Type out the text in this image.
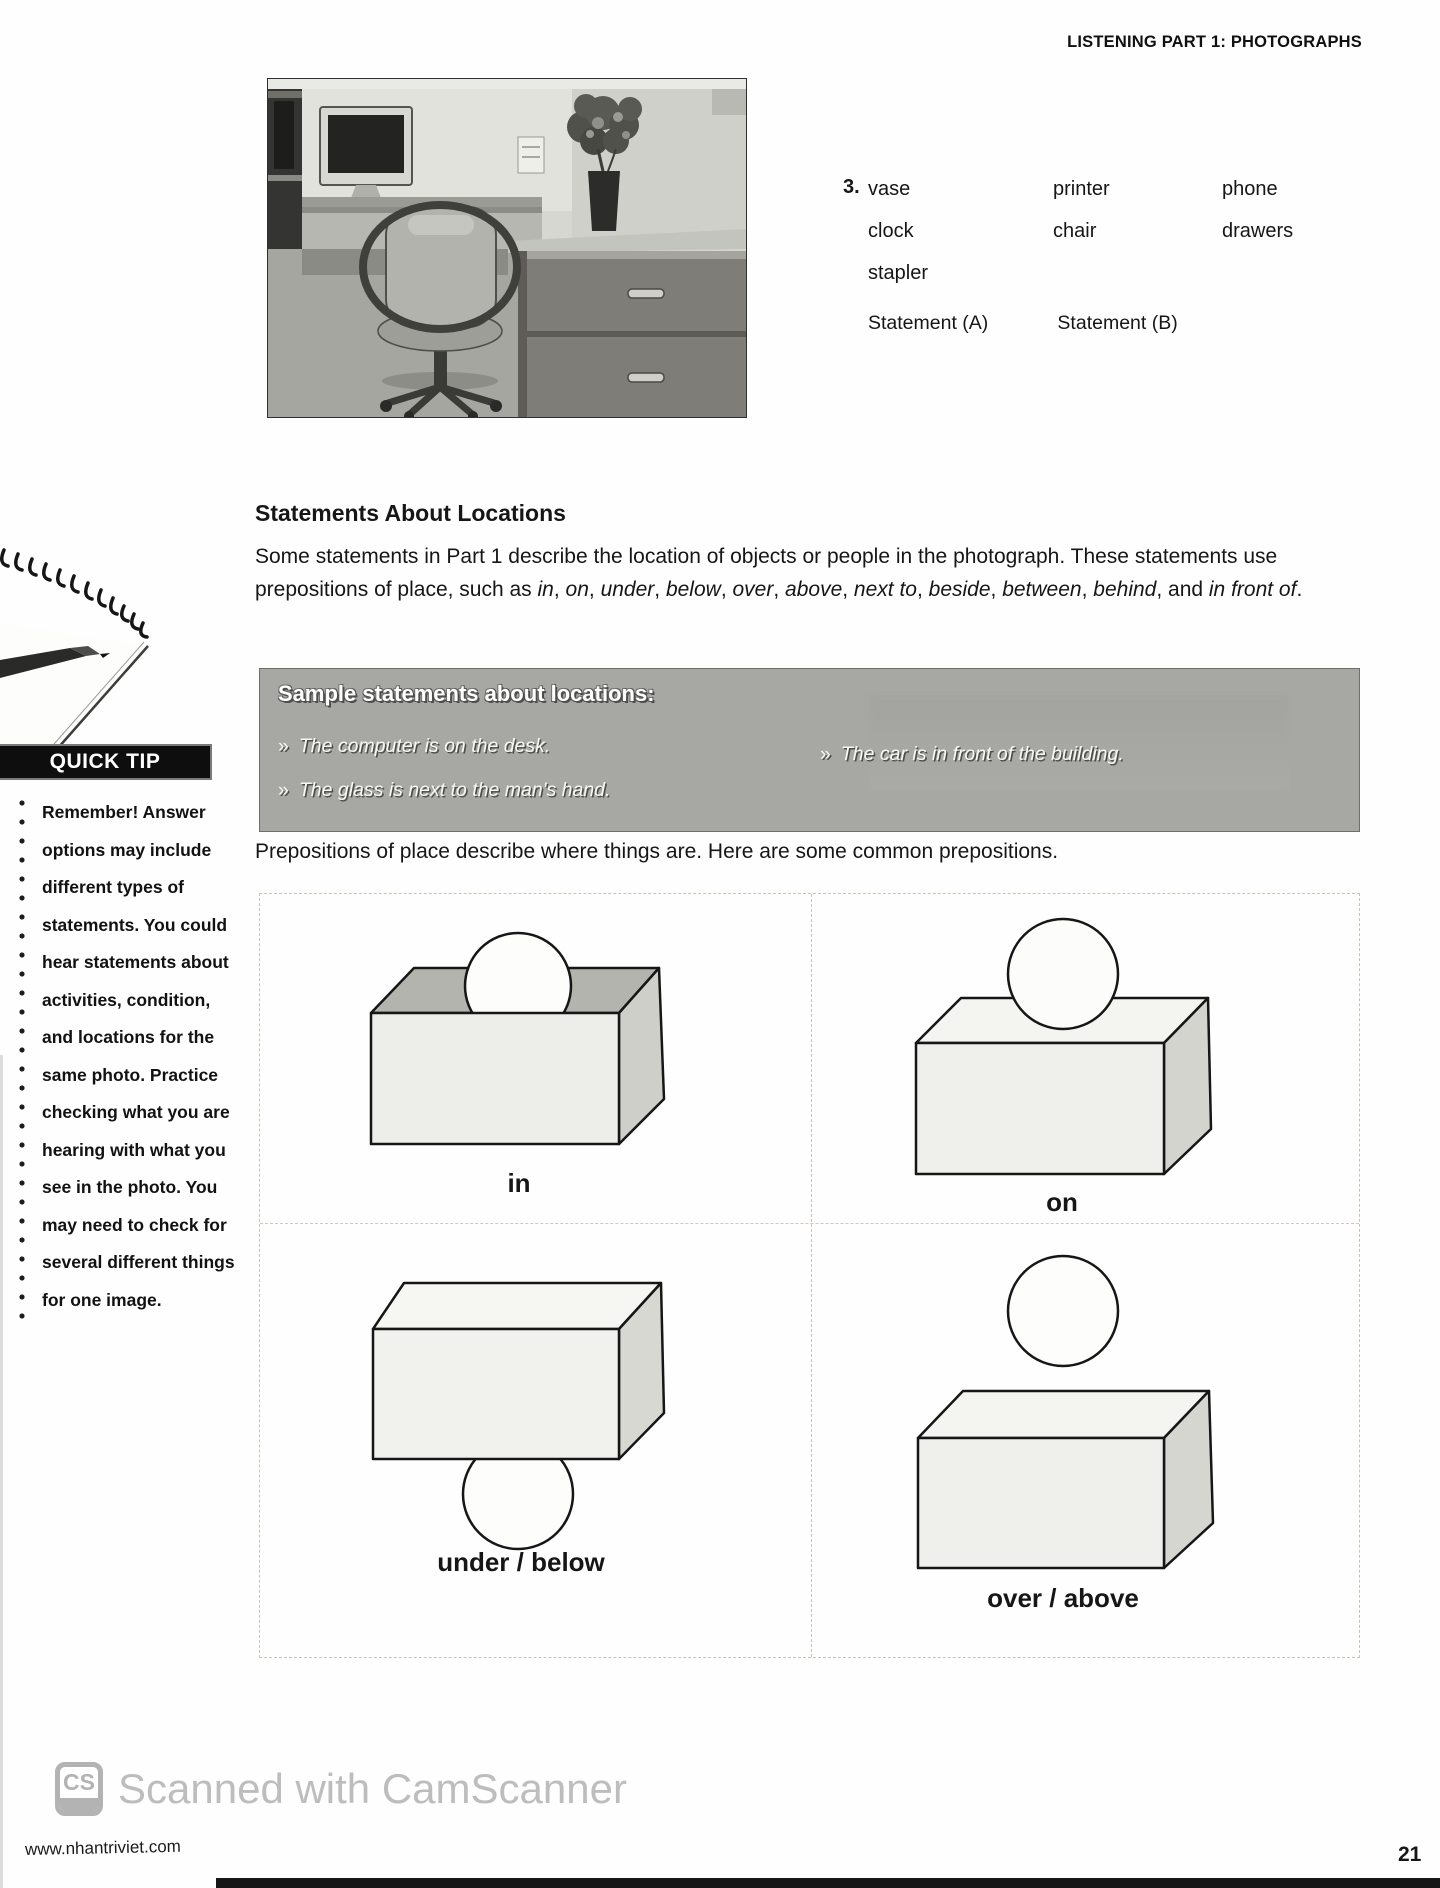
LISTENING PART 1: PHOTOGRAPHS
3. vase
clock
stapler
printer
chair
phone
drawers
Statement (A)	Statement (B)
Statements About Locations
Some statements in Part 1 describe the location of objects or people in the photograph. These statements use prepositions of place, such as in, on, under, below, over, above, next to, beside, between, behind, and in front of.
Sample statements about locations:
» The computer is on the desk.
» The glass is next to the man's hand.
» The car is in front of the building.
Prepositions of place describe where things are. Here are some common prepositions.
in
on
under / below
over / above
QUICK TIP
Remember! Answer options may include different types of statements. You could hear statements about activities, condition, and locations for the same photo. Practice checking what you are hearing with what you see in the photo. You may need to check for several different things for one image.
CS Scanned with CamScanner
www.nhantriviet.com	21
